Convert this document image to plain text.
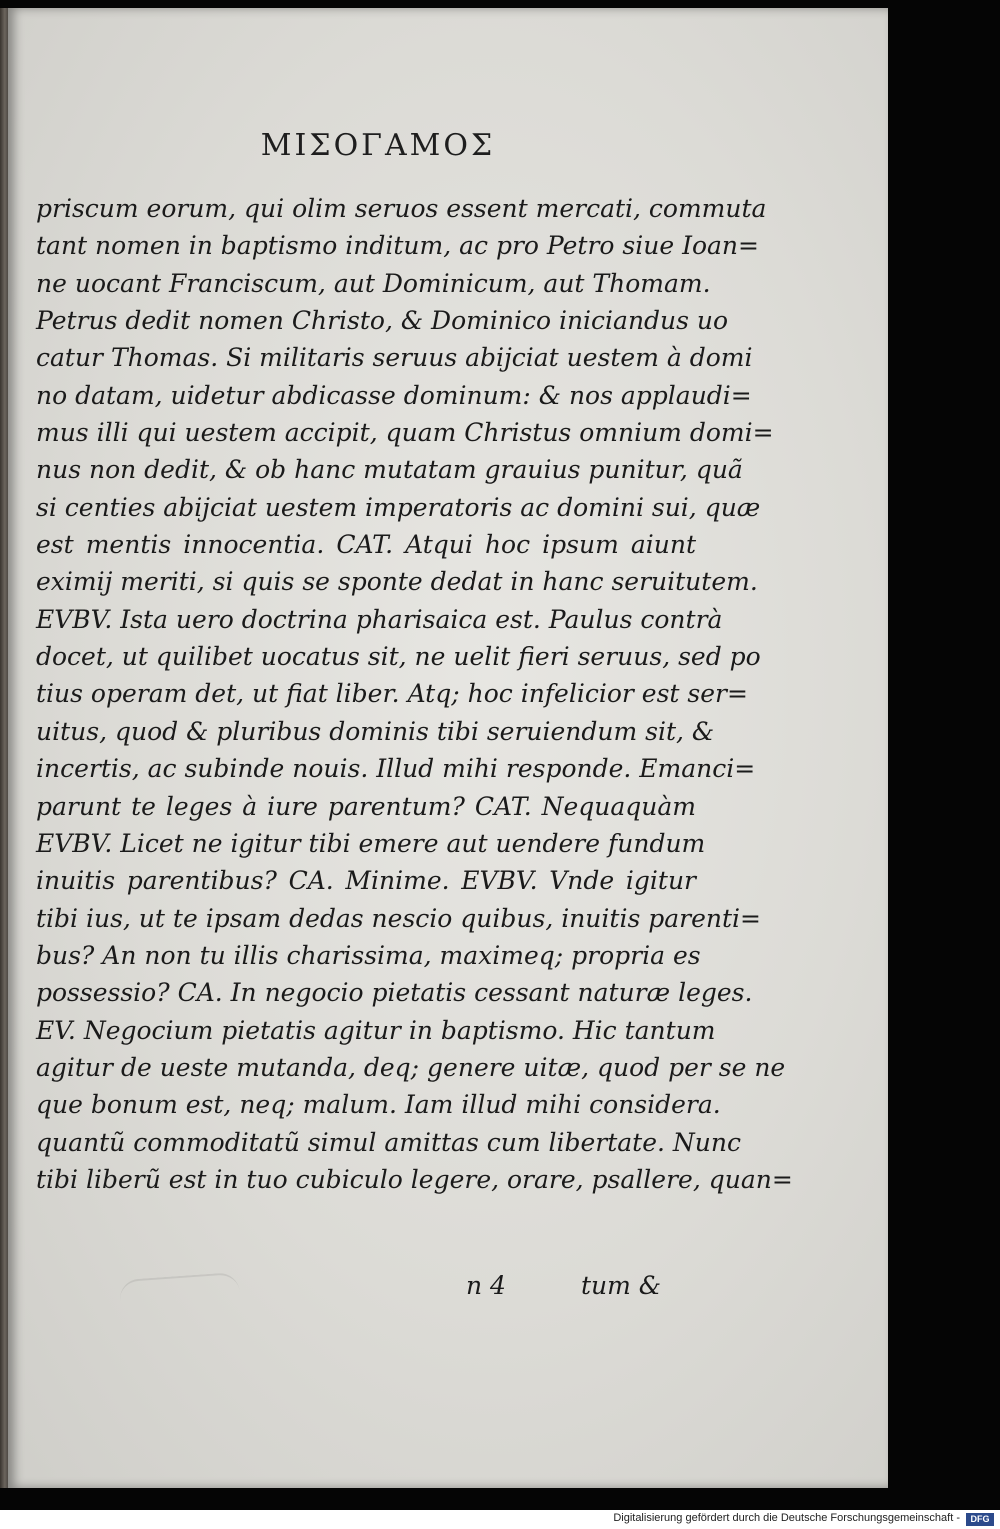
ΜΙΣΟΓΑΜΟΣ
priscum eorum, qui olim seruos essent mercati, commuta
tant nomen in baptismo inditum, ac pro Petro siue Ioan=
ne uocant Franciscum, aut Dominicum, aut Thomam.
Petrus dedit nomen Christo, & Dominico iniciandus uo
catur Thomas. Si militaris seruus abijciat uestem à domi
no datam, uidetur abdicasse dominum: & nos applaudi=
mus illi qui uestem accipit, quam Christus omnium domi=
nus non dedit, & ob hanc mutatam grauius punitur, quã
si centies abijciat uestem imperatoris ac domini sui, quæ
est mentis innocentia. CAT. Atqui hoc ipsum aiunt
eximij meriti, si quis se sponte dedat in hanc seruitutem.
EVBV. Ista uero doctrina pharisaica est. Paulus contrà
docet, ut quilibet uocatus sit, ne uelit fieri seruus, sed po
tius operam det, ut fiat liber. Atq; hoc infelicior est ser=
uitus, quod & pluribus dominis tibi seruiendum sit, &
incertis, ac subinde nouis. Illud mihi responde. Emanci=
parunt te leges à iure parentum? CAT. Nequaquàm
EVBV. Licet ne igitur tibi emere aut uendere fundum
inuitis parentibus? CA. Minime. EVBV. Vnde igitur
tibi ius, ut te ipsam dedas nescio quibus, inuitis parenti=
bus? An non tu illis charissima, maximeq; propria es
possessio? CA. In negocio pietatis cessant naturæ leges.
EV. Negocium pietatis agitur in baptismo. Hic tantum
agitur de ueste mutanda, deq; genere uitæ, quod per se ne
que bonum est, neq; malum. Iam illud mihi considera.
quantũ commoditatũ simul amittas cum libertate. Nunc
tibi liberũ est in tuo cubiculo legere, orare, psallere, quan=
n 4	tum &
Digitalisierung gefördert durch die Deutsche Forschungsgemeinschaft -	DFG
